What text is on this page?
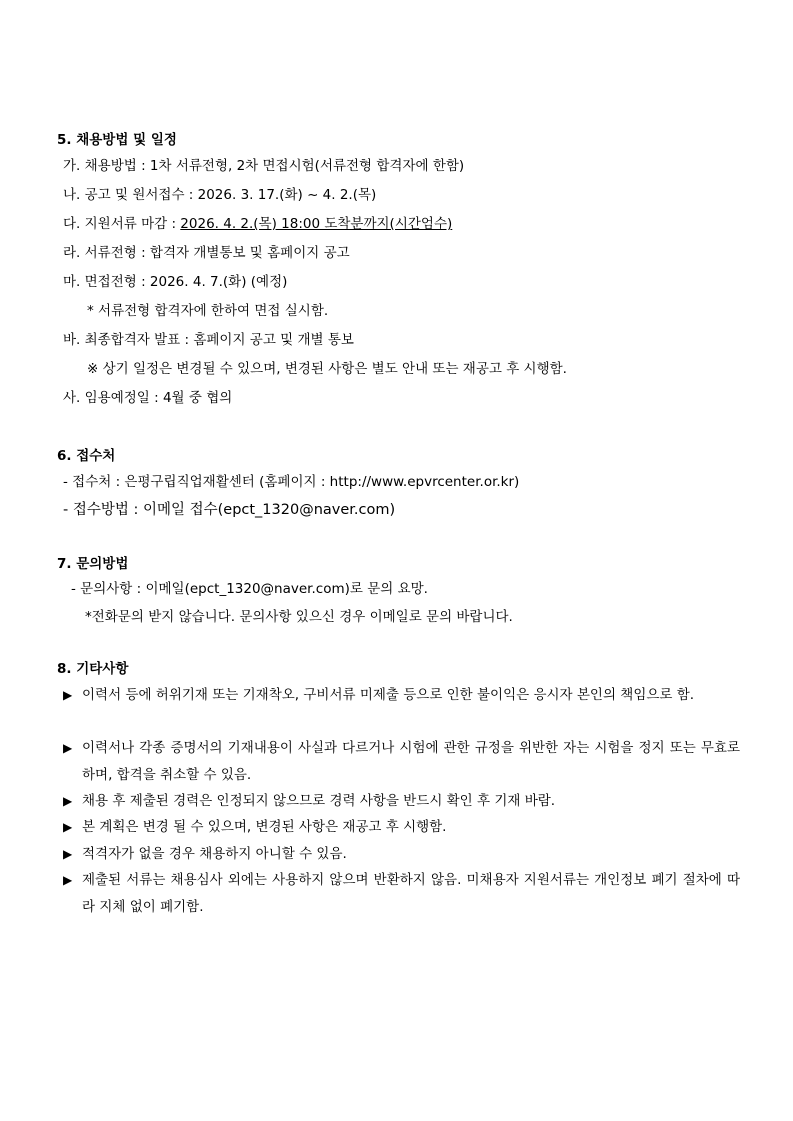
5. 채용방법 및 일정
가. 채용방법 : 1차 서류전형, 2차 면접시험(서류전형 합격자에 한함)
나. 공고 및 원서접수 : 2026. 3. 17.(화) ~ 4. 2.(목)
다. 지원서류 마감 : 2026. 4. 2.(목) 18:00 도착분까지(시간엄수)
라. 서류전형 : 합격자 개별통보 및 홈페이지 공고
마. 면접전형 : 2026. 4. 7.(화) (예정)
* 서류전형 합격자에 한하여 면접 실시함.
바. 최종합격자 발표 : 홈페이지 공고 및 개별 통보
※ 상기 일정은 변경될 수 있으며, 변경된 사항은 별도 안내 또는 재공고 후 시행함.
사. 임용예정일 : 4월 중 협의
6. 접수처
- 접수처 : 은평구립직업재활센터 (홈페이지 : http://www.epvrcenter.or.kr)
- 접수방법 : 이메일 접수(epct_1320@naver.com)
7. 문의방법
- 문의사항 : 이메일(epct_1320@naver.com)로 문의 요망.
*전화문의 받지 않습니다. 문의사항 있으신 경우 이메일로 문의 바랍니다.
8. 기타사항
▶ 이력서 등에 허위기재 또는 기재착오, 구비서류 미제출 등으로 인한 불이익은 응시자 본인의 책임으로 함.
▶ 이력서나 각종 증명서의 기재내용이 사실과 다르거나 시험에 관한 규정을 위반한 자는 시험을 정지 또는 무효로 하며, 합격을 취소할 수 있음.
▶ 채용 후 제출된 경력은 인정되지 않으므로 경력 사항을 반드시 확인 후 기재 바람.
▶ 본 계획은 변경 될 수 있으며, 변경된 사항은 재공고 후 시행함.
▶ 적격자가 없을 경우 채용하지 아니할 수 있음.
▶ 제출된 서류는 채용심사 외에는 사용하지 않으며 반환하지 않음. 미채용자 지원서류는 개인정보 폐기 절차에 따라 지체 없이 폐기함.
